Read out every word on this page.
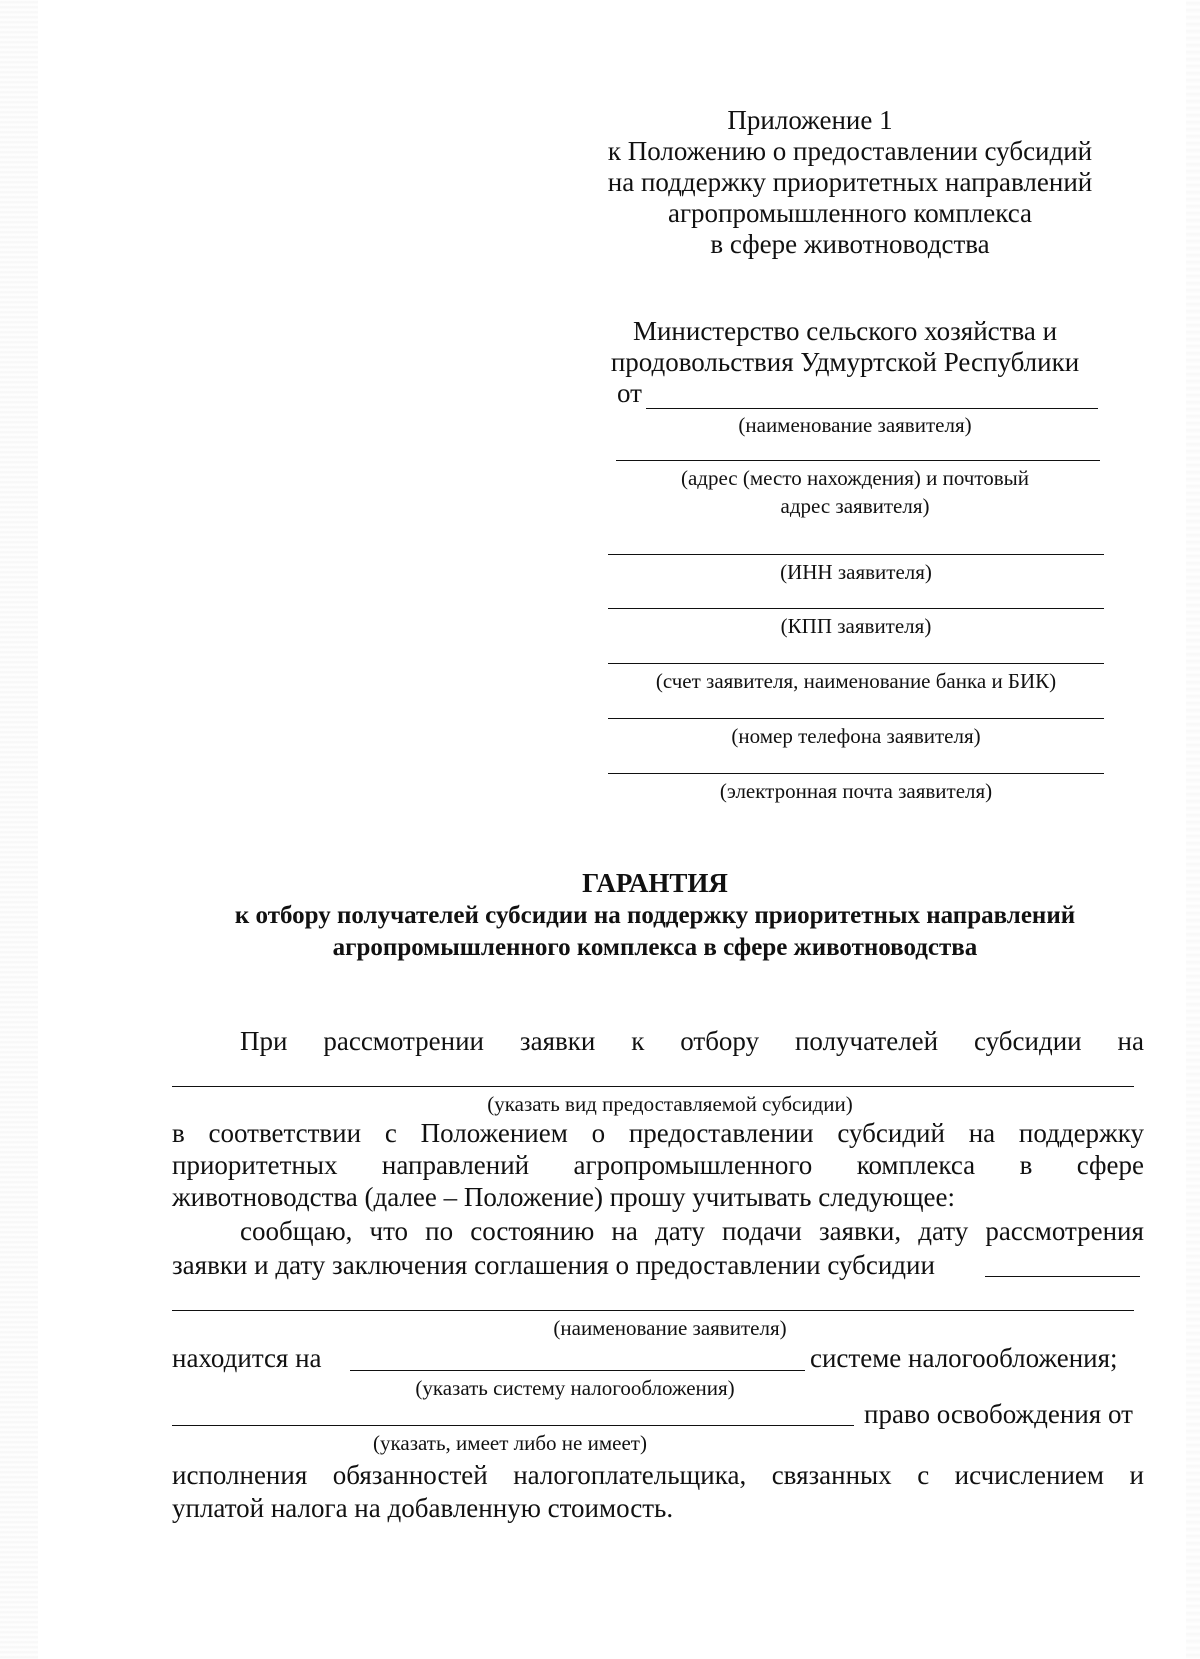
Приложение 1
к Положению о предоставлении субсидий
на поддержку приоритетных направлений
агропромышленного комплекса
в сфере животноводства
Министерство сельского хозяйства и
продовольствия Удмуртской Республики
от
(наименование заявителя)
(адрес (место нахождения) и почтовый
адрес заявителя)
(ИНН заявителя)
(КПП заявителя)
(счет заявителя, наименование банка и БИК)
(номер телефона заявителя)
(электронная почта заявителя)
ГАРАНТИЯ
к отбору получателей субсидии на поддержку приоритетных направлений
агропромышленного комплекса в сфере животноводства
При рассмотрении заявки к отбору получателей субсидии на
(указать вид предоставляемой субсидии)
в соответствии с Положением о предоставлении субсидий на поддержку
приоритетных направлений агропромышленного комплекса в сфере
животноводства (далее – Положение) прошу учитывать следующее:
сообщаю, что по состоянию на дату подачи заявки, дату рассмотрения
заявки и дату заключения соглашения о предоставлении субсидии
(наименование заявителя)
находится на	системе налогообложения;
(указать систему налогообложения)
право освобождения от
(указать, имеет либо не имеет)
исполнения обязанностей налогоплательщика, связанных с исчислением и
уплатой налога на добавленную стоимость.
